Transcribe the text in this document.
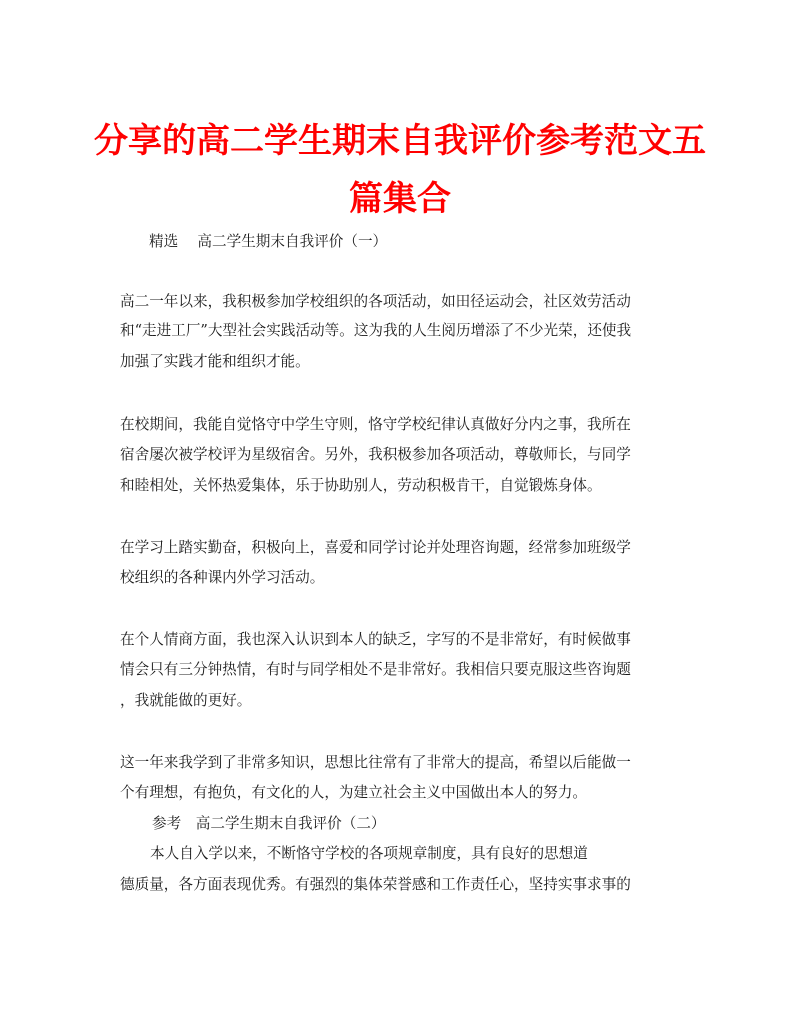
分享的高二学生期末自我评价参考范文五
篇集合
精选　 高二学生期末自我评价（一）
高二一年以来，我积极参加学校组织的各项活动，如田径运动会，社区效劳活动
和“走进工厂”大型社会实践活动等。这为我的人生阅历增添了不少光荣，还使我
加强了实践才能和组织才能。
在校期间，我能自觉恪守中学生守则，恪守学校纪律认真做好分内之事，我所在
宿舍屡次被学校评为星级宿舍。另外，我积极参加各项活动，尊敬师长，与同学
和睦相处，关怀热爱集体，乐于协助别人，劳动积极肯干，自觉锻炼身体。
在学习上踏实勤奋，积极向上，喜爱和同学讨论并处理咨询题，经常参加班级学
校组织的各种课内外学习活动。
在个人情商方面，我也深入认识到本人的缺乏，字写的不是非常好，有时候做事
情会只有三分钟热情，有时与同学相处不是非常好。我相信只要克服这些咨询题
，我就能做的更好。
这一年来我学到了非常多知识，思想比往常有了非常大的提高，希望以后能做一
个有理想，有抱负，有文化的人，为建立社会主义中国做出本人的努力。
参考　高二学生期末自我评价（二）
本人自入学以来，不断恪守学校的各项规章制度，具有良好的思想道
德质量，各方面表现优秀。有强烈的集体荣誉感和工作责任心，坚持实事求事的
